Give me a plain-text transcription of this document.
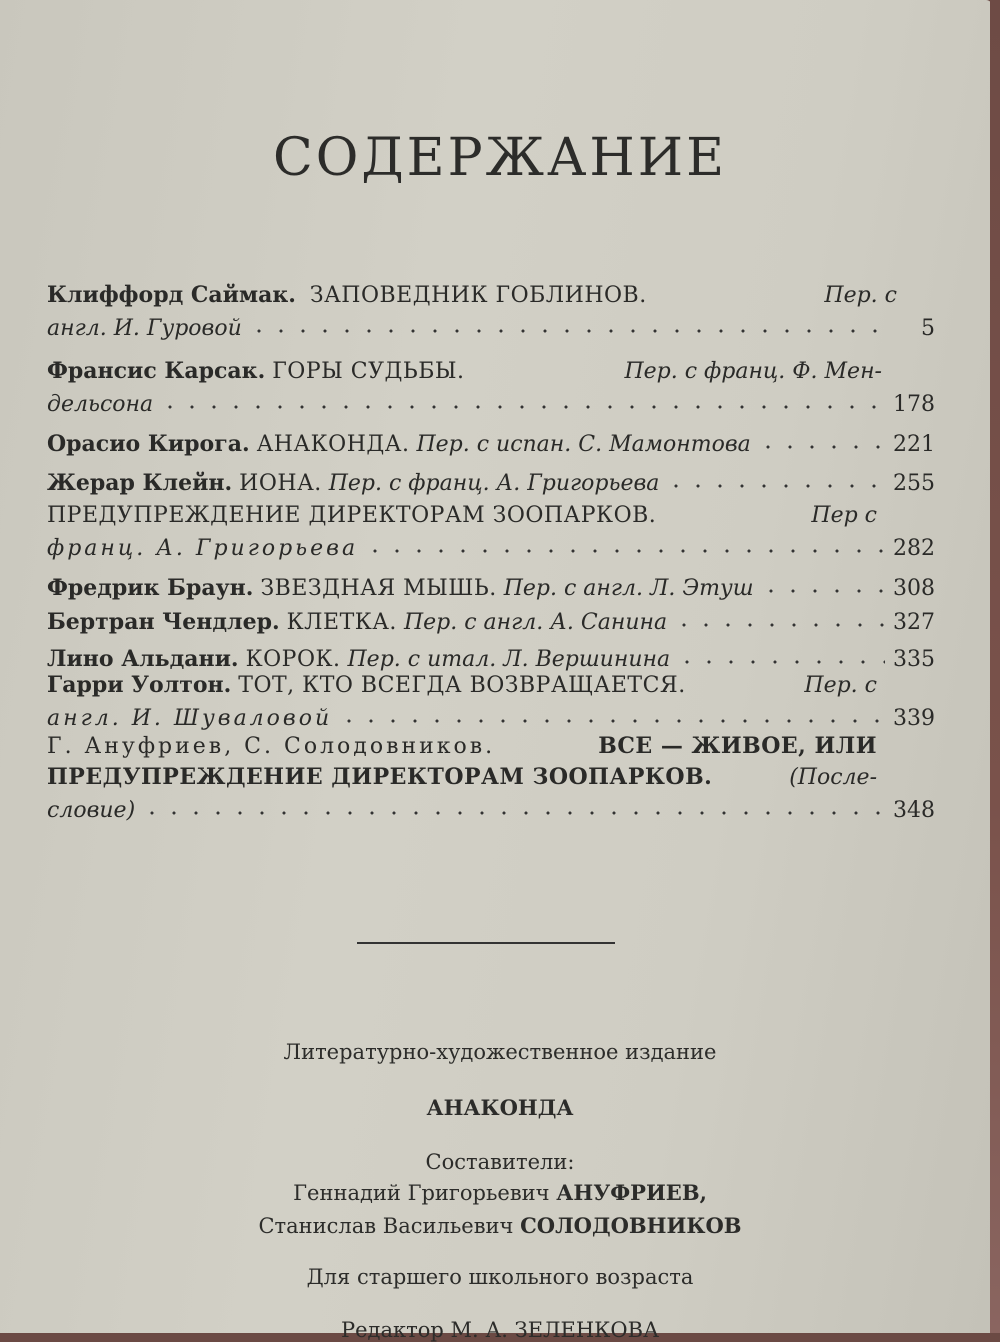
СОДЕРЖАНИЕ
Клиффорд Саймак. ЗАПОВЕДНИК ГОБЛИНОВ.	Пер. с
англ. И. Гуровой	5
Франсис Карсак. ГОРЫ СУДЬБЫ.	Пер. с франц. Ф. Мен-
дельсона	178
Орасио Кирога.
АНАКОНДА.
Пер. с испан. С. Мамонтова	221
Жерар Клейн.
ИОНА.
Пер. с франц. А. Григорьева	255
ПРЕДУПРЕЖДЕНИЕ ДИРЕКТОРАМ ЗООПАРКОВ.	Пер с
франц. А. Григорьева	282
Фредрик Браун.
ЗВЕЗДНАЯ МЫШЬ.
Пер. с англ. Л. Этуш	308
Бертран Чендлер.
КЛЕТКА.
Пер. с англ. А. Санина	327
Лино Альдани.
КОРОК.
Пер. с итал. Л. Вершинина	335
Гарри Уолтон. ТОТ, КТО ВСЕГДА ВОЗВРАЩАЕТСЯ.	Пер. с
англ. И. Шуваловой	339
Г. Ануфриев, С. Солодовников.	ВСЕ — ЖИВОЕ, ИЛИ
ПРЕДУПРЕЖДЕНИЕ ДИРЕКТОРАМ ЗООПАРКОВ.	(После-
словие)	348
Литературно-художественное издание
АНАКОНДА
Составители:
Геннадий Григорьевич АНУФРИЕВ,
Станислав Васильевич СОЛОДОВНИКОВ
Для старшего школьного возраста
Редактор М. А. ЗЕЛЕНКОВА
